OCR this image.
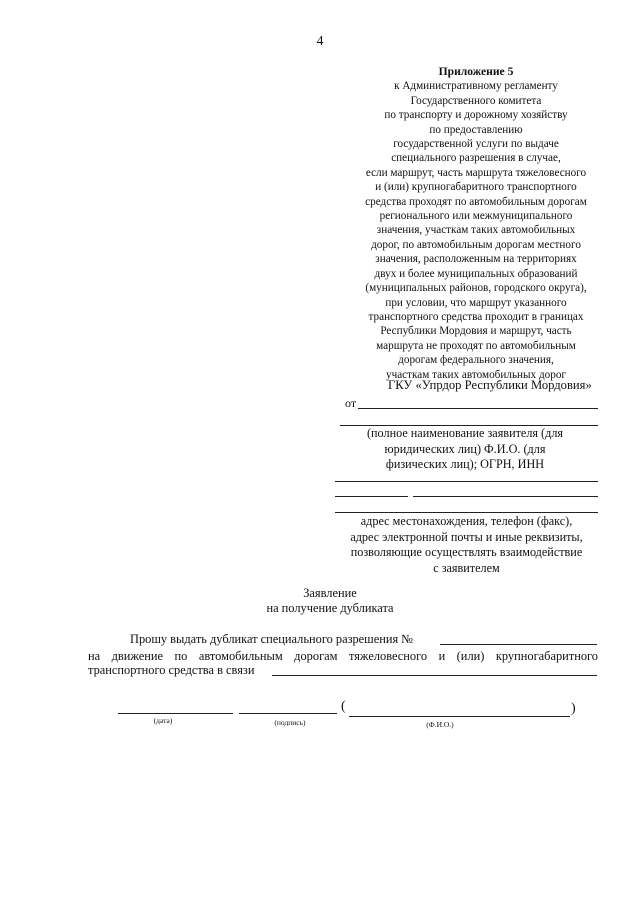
4
Приложение 5
к Административному регламенту
Государственного комитета
по транспорту и дорожному хозяйству
по предоставлению
государственной услуги по выдаче
специального разрешения в случае,
если маршрут, часть маршрута тяжеловесного
и (или) крупногабаритного транспортного
средства проходят по автомобильным дорогам
регионального или межмуниципального
значения, участкам таких автомобильных
дорог, по автомобильным дорогам местного
значения, расположенным на территориях
двух и более муниципальных образований
(муниципальных районов, городского округа),
при условии, что маршрут указанного
транспортного средства проходит в границах
Республики Мордовия и маршрут, часть
маршрута не проходят по автомобильным
дорогам федерального значения,
участкам таких автомобильных дорог
ГКУ «Упрдор Республики Мордовия»
от
(полное наименование заявителя (для
юридических лиц) Ф.И.О. (для
физических лиц); ОГРН, ИНН
адрес местонахождения, телефон (факс),
адрес электронной почты и иные реквизиты,
позволяющие осуществлять взаимодействие
с заявителем
Заявление
на получение дубликата
Прошу выдать дубликат специального разрешения №
на движение по автомобильным дорогам тяжеловесного и (или) крупногабаритного
транспортного средства в связи
(	)
(дата)	(подпись)	(Ф.И.О.)
